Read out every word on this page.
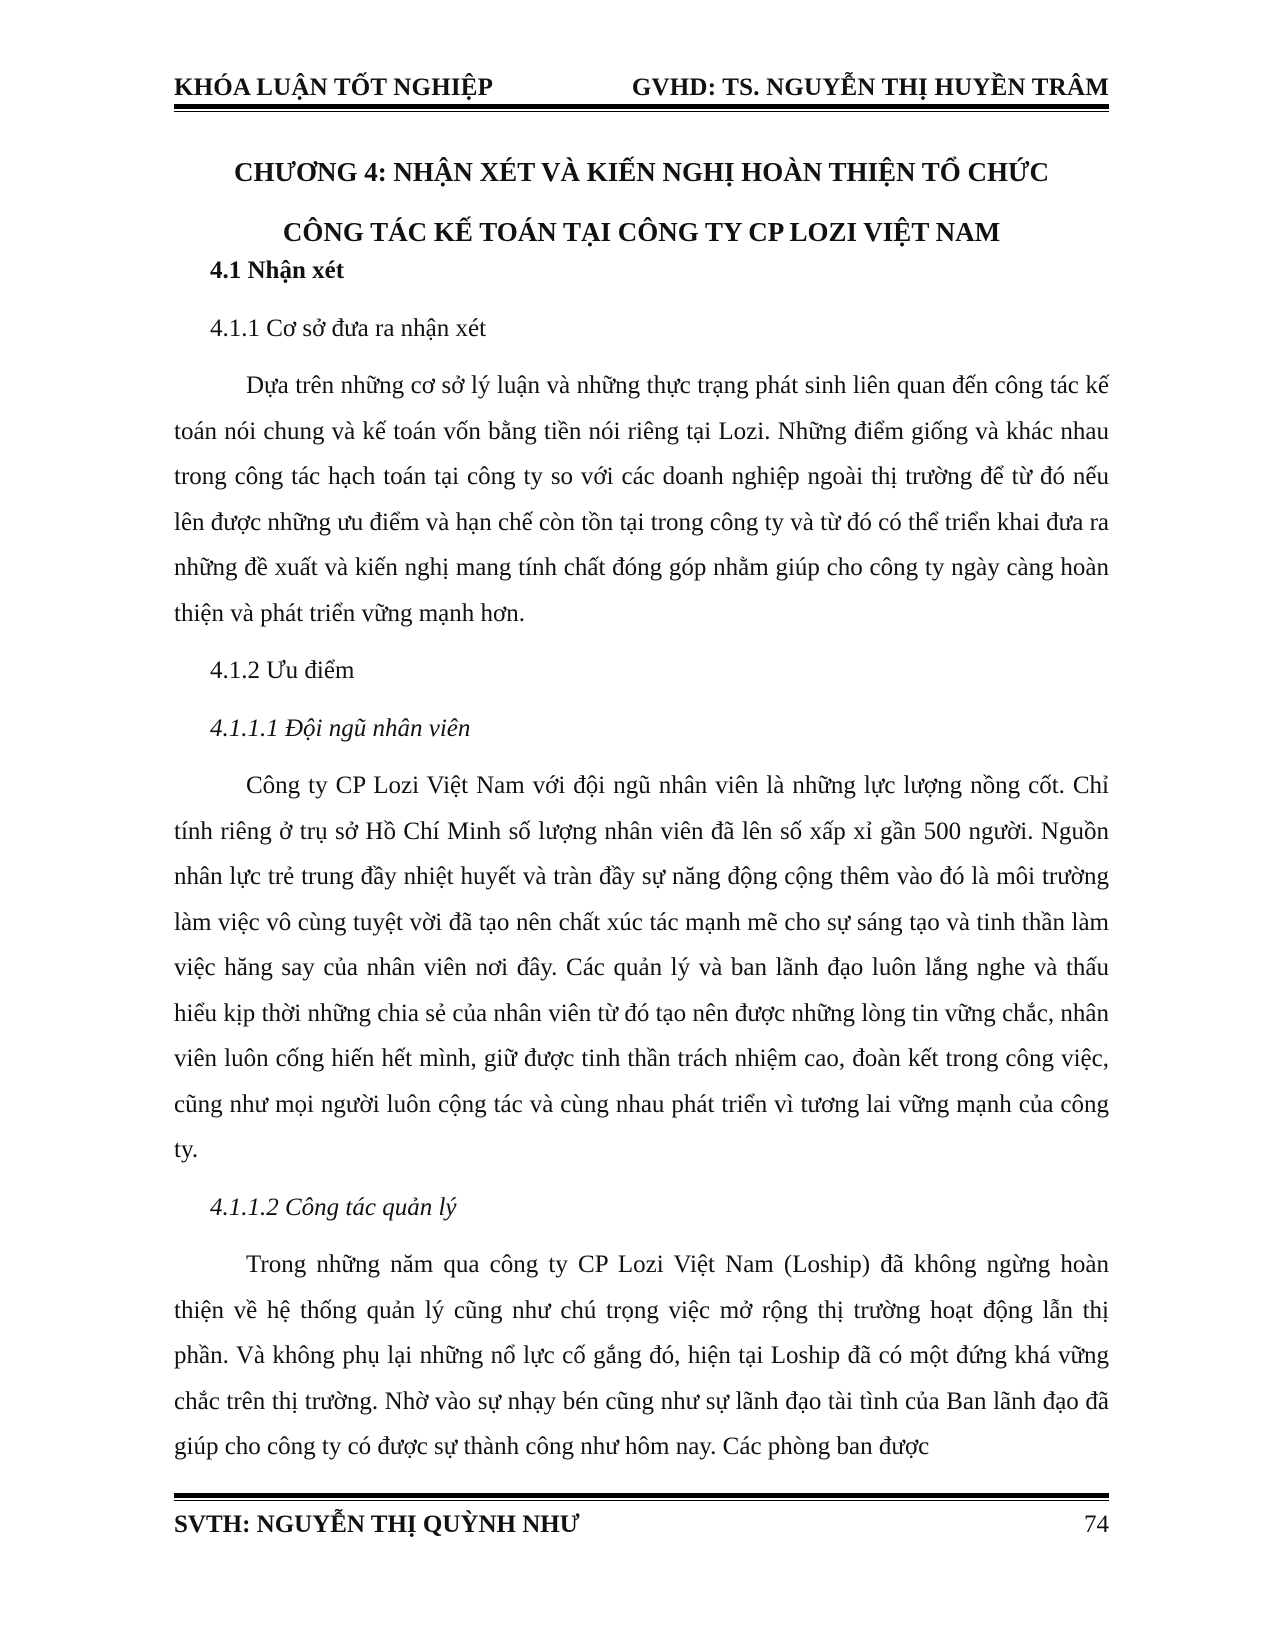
KHÓA LUẬN TỐT NGHIỆP	GVHD: TS. NGUYỄN THỊ HUYỀN TRÂM
CHƯƠNG 4: NHẬN XÉT VÀ KIẾN NGHỊ HOÀN THIỆN TỔ CHỨC
CÔNG TÁC KẾ TOÁN TẠI CÔNG TY CP LOZI VIỆT NAM

4.1 Nhận xét

4.1.1 Cơ sở đưa ra nhận xét

Dựa trên những cơ sở lý luận và những thực trạng phát sinh liên quan đến công tác kế toán nói chung và kế toán vốn bằng tiền nói riêng tại Lozi. Những điểm giống và khác nhau trong công tác hạch toán tại công ty so với các doanh nghiệp ngoài thị trường để từ đó nếu lên được những ưu điểm và hạn chế còn tồn tại trong công ty và từ đó có thể triển khai đưa ra những đề xuất và kiến nghị mang tính chất đóng góp nhằm giúp cho công ty ngày càng hoàn thiện và phát triển vững mạnh hơn.

4.1.2 Ưu điểm

4.1.1.1 Đội ngũ nhân viên

Công ty CP Lozi Việt Nam với đội ngũ nhân viên là những lực lượng nồng cốt. Chỉ tính riêng ở trụ sở Hồ Chí Minh số lượng nhân viên đã lên số xấp xỉ gần 500 người. Nguồn nhân lực trẻ trung đầy nhiệt huyết và tràn đầy sự năng động cộng thêm vào đó là môi trường làm việc vô cùng tuyệt vời đã tạo nên chất xúc tác mạnh mẽ cho sự sáng tạo và tinh thần làm việc hăng say của nhân viên nơi đây. Các quản lý và ban lãnh đạo luôn lắng nghe và thấu hiểu kịp thời những chia sẻ của nhân viên từ đó tạo nên được những lòng tin vững chắc, nhân viên luôn cống hiến hết mình, giữ được tinh thần trách nhiệm cao, đoàn kết trong công việc, cũng như mọi người luôn cộng tác và cùng nhau phát triển vì tương lai vững mạnh của công ty.

4.1.1.2 Công tác quản lý

Trong những năm qua công ty CP Lozi Việt Nam (Loship) đã không ngừng hoàn thiện về hệ thống quản lý cũng như chú trọng việc mở rộng thị trường hoạt động lẫn thị phần. Và không phụ lại những nổ lực cố gắng đó, hiện tại Loship đã có một đứng khá vững chắc trên thị trường. Nhờ vào sự nhạy bén cũng như sự lãnh đạo tài tình của Ban lãnh đạo đã giúp cho công ty có được sự thành công như hôm nay. Các phòng ban được

SVTH: NGUYỄN THỊ QUỲNH NHƯ	74
